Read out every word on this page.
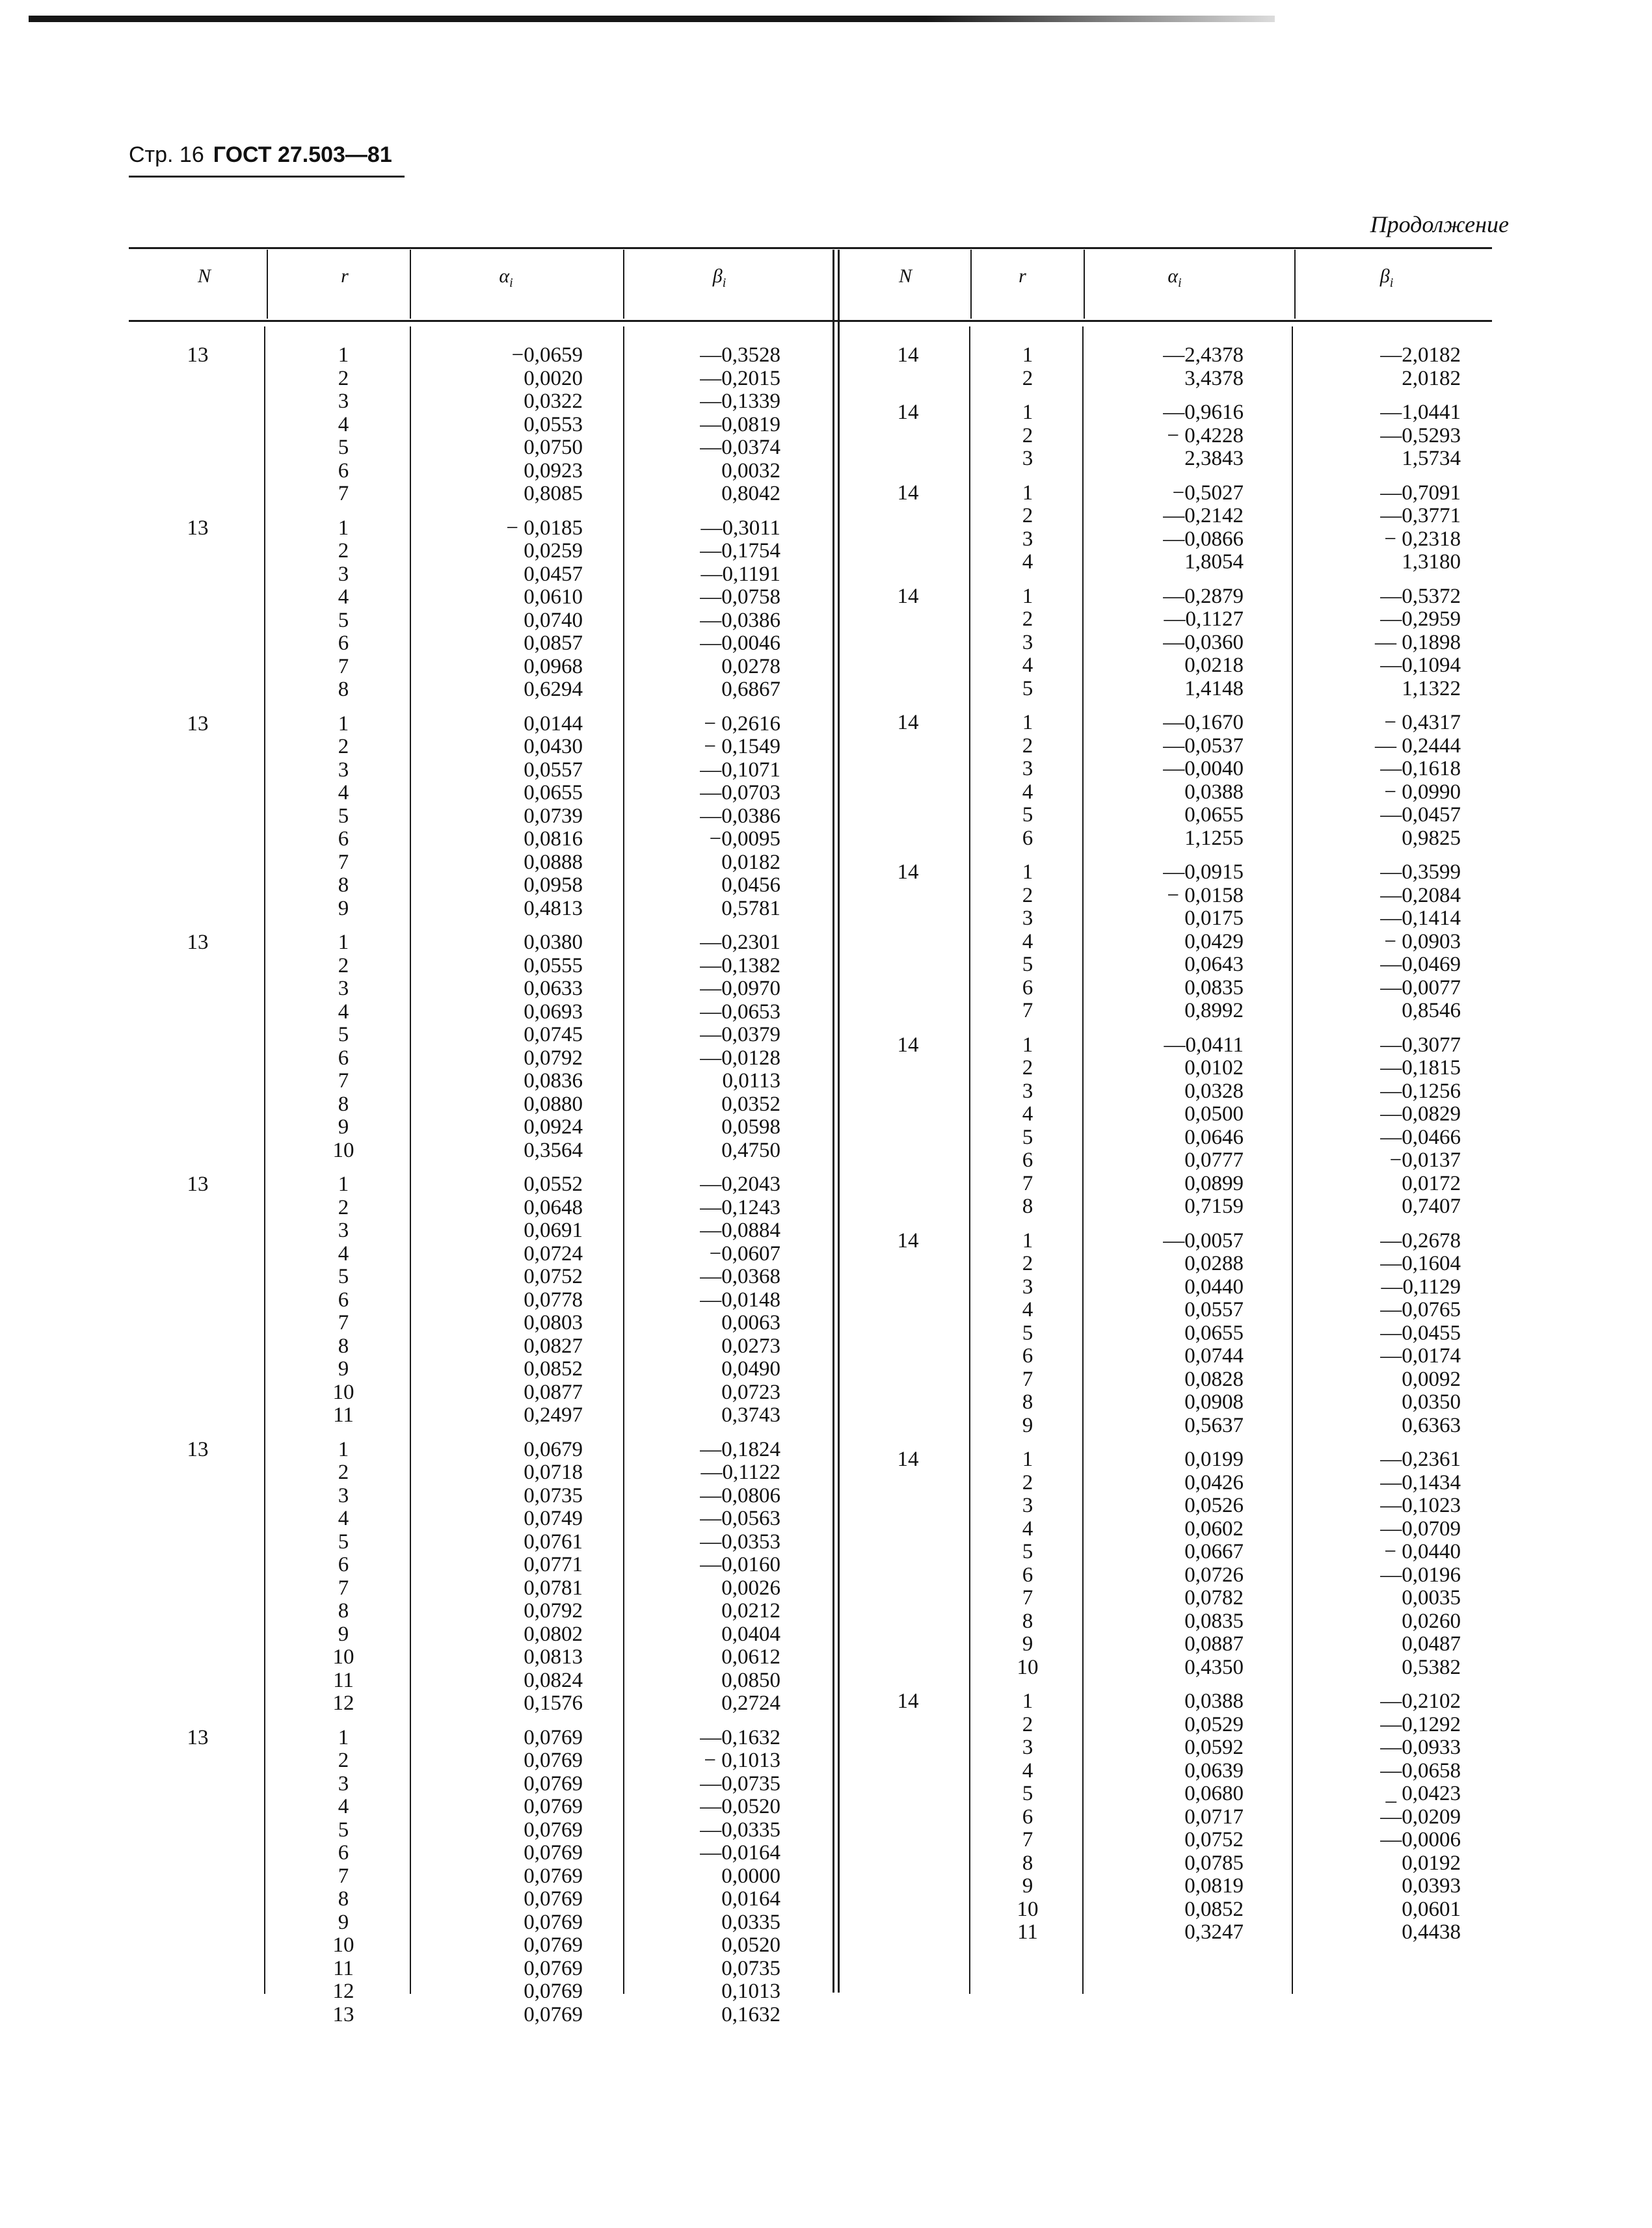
Стр. 16 ГОСТ 27.503—81
Продолжение
N	r	$\alpha_i$	$\beta_i$	N	r	$\alpha_i$	$\beta_i$
13	1	−0,0659	—0,3528
2	0,0020	—0,2015
3	0,0322	—0,1339
4	0,0553	—0,0819
5	0,0750	—0,0374
6	0,0923	0,0032
7	0,8085	0,8042
13	1	− 0,0185	—0,3011
2	0,0259	—0,1754
3	0,0457	—0,1191
4	0,0610	—0,0758
5	0,0740	—0,0386
6	0,0857	—0,0046
7	0,0968	0,0278
8	0,6294	0,6867
13	1	0,0144	− 0,2616
2	0,0430	− 0,1549
3	0,0557	—0,1071
4	0,0655	—0,0703
5	0,0739	—0,0386
6	0,0816	−0,0095
7	0,0888	0,0182
8	0,0958	0,0456
9	0,4813	0,5781
13	1	0,0380	—0,2301
2	0,0555	—0,1382
3	0,0633	—0,0970
4	0,0693	—0,0653
5	0,0745	—0,0379
6	0,0792	—0,0128
7	0,0836	0,0113
8	0,0880	0,0352
9	0,0924	0,0598
10	0,3564	0,4750
13	1	0,0552	—0,2043
2	0,0648	—0,1243
3	0,0691	—0,0884
4	0,0724	−0,0607
5	0,0752	—0,0368
6	0,0778	—0,0148
7	0,0803	0,0063
8	0,0827	0,0273
9	0,0852	0,0490
10	0,0877	0,0723
11	0,2497	0,3743
13	1	0,0679	—0,1824
2	0,0718	—0,1122
3	0,0735	—0,0806
4	0,0749	—0,0563
5	0,0761	—0,0353
6	0,0771	—0,0160
7	0,0781	0,0026
8	0,0792	0,0212
9	0,0802	0,0404
10	0,0813	0,0612
11	0,0824	0,0850
12	0,1576	0,2724
13	1	0,0769	—0,1632
2	0,0769	− 0,1013
3	0,0769	—0,0735
4	0,0769	—0,0520
5	0,0769	—0,0335
6	0,0769	—0,0164
7	0,0769	0,0000
8	0,0769	0,0164
9	0,0769	0,0335
10	0,0769	0,0520
11	0,0769	0,0735
12	0,0769	0,1013
13	0,0769	0,1632
14	1	—2,4378	—2,0182
2	3,4378	2,0182
14	1	—0,9616	—1,0441
2	− 0,4228	—0,5293
3	2,3843	1,5734
14	1	−0,5027	—0,7091
2	—0,2142	—0,3771
3	—0,0866	− 0,2318
4	1,8054	1,3180
14	1	—0,2879	—0,5372
2	—0,1127	—0,2959
3	—0,0360	— 0,1898
4	0,0218	—0,1094
5	1,4148	1,1322
14	1	—0,1670	− 0,4317
2	—0,0537	— 0,2444
3	—0,0040	—0,1618
4	0,0388	− 0,0990
5	0,0655	—0,0457
6	1,1255	0,9825
14	1	—0,0915	—0,3599
2	− 0,0158	—0,2084
3	0,0175	—0,1414
4	0,0429	− 0,0903
5	0,0643	—0,0469
6	0,0835	—0,0077
7	0,8992	0,8546
14	1	—0,0411	—0,3077
2	0,0102	—0,1815
3	0,0328	—0,1256
4	0,0500	—0,0829
5	0,0646	—0,0466
6	0,0777	−0,0137
7	0,0899	0,0172
8	0,7159	0,7407
14	1	—0,0057	—0,2678
2	0,0288	—0,1604
3	0,0440	—0,1129
4	0,0557	—0,0765
5	0,0655	—0,0455
6	0,0744	—0,0174
7	0,0828	0,0092
8	0,0908	0,0350
9	0,5637	0,6363
14	1	0,0199	—0,2361
2	0,0426	—0,1434
3	0,0526	—0,1023
4	0,0602	—0,0709
5	0,0667	− 0,0440
6	0,0726	—0,0196
7	0,0782	0,0035
8	0,0835	0,0260
9	0,0887	0,0487
10	0,4350	0,5382
14	1	0,0388	—0,2102
2	0,0529	—0,1292
3	0,0592	—0,0933
4	0,0639	—0,0658
5	0,0680	_ 0,0423
6	0,0717	—0,0209
7	0,0752	—0,0006
8	0,0785	0,0192
9	0,0819	0,0393
10	0,0852	0,0601
11	0,3247	0,4438
